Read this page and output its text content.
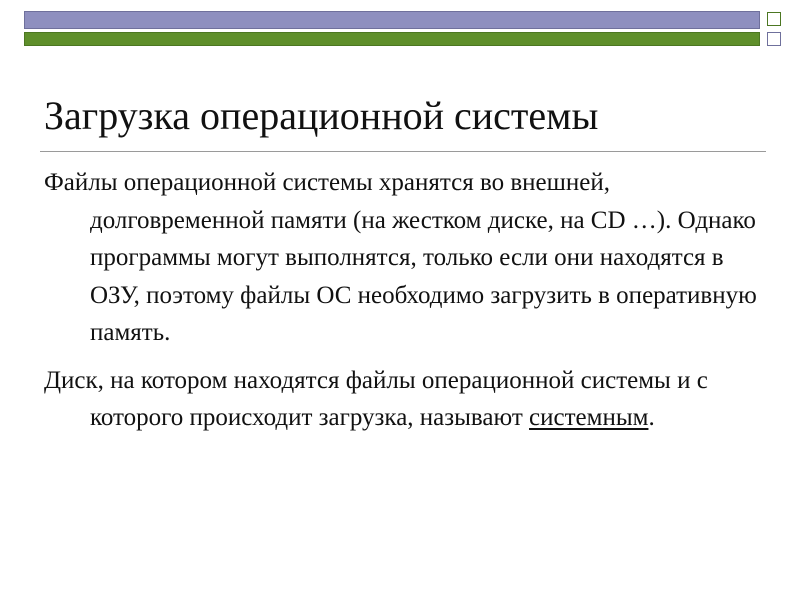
Загрузка операционной системы

Файлы операционной системы хранятся во внешней, долговременной памяти (на жестком диске, на CD …). Однако программы могут выполнятся, только если они находятся в ОЗУ, поэтому файлы ОС необходимо загрузить в оперативную память.

Диск, на котором находятся файлы операционной системы и с которого происходит загрузка, называют системным.
